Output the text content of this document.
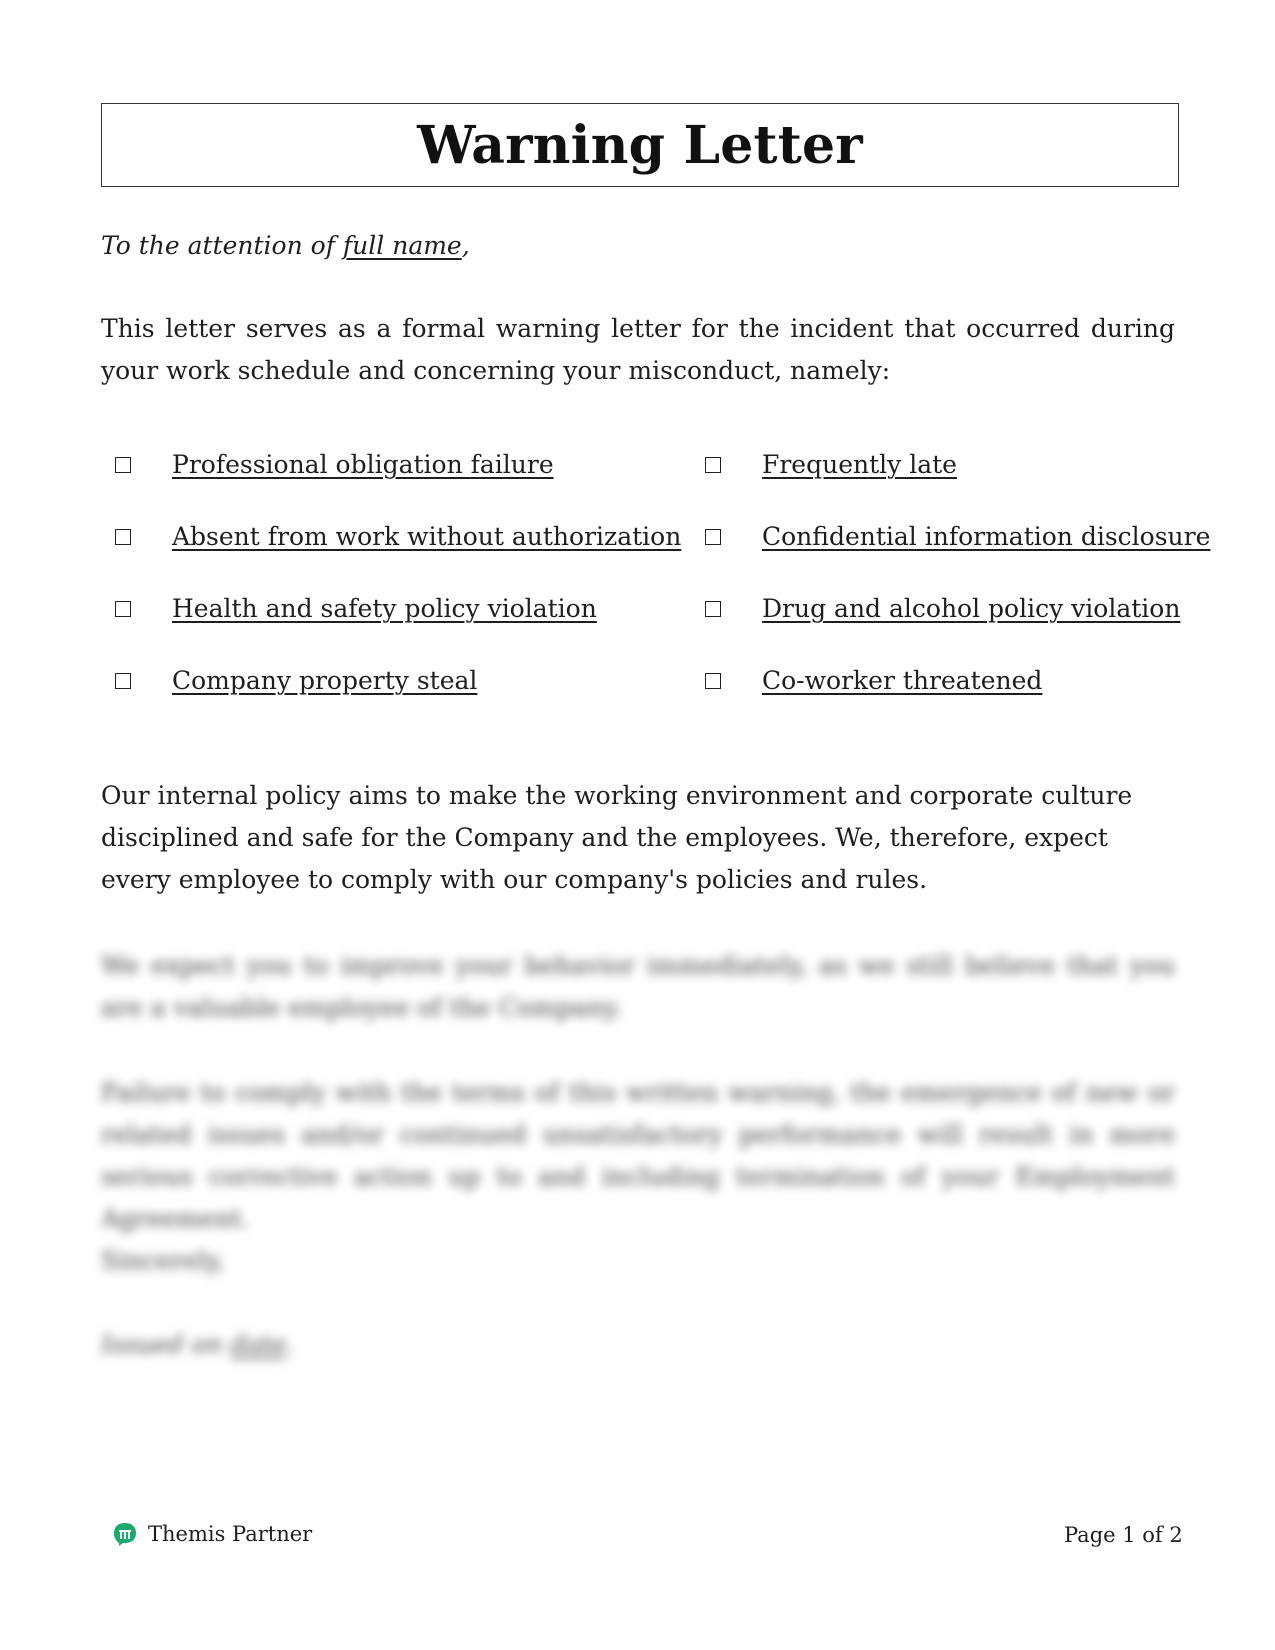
Warning Letter

To the attention of full name,

This letter serves as a formal warning letter for the incident that occurred during your work schedule and concerning your misconduct, namely:

Professional obligation failure
Absent from work without authorization
Health and safety policy violation
Company property steal
Frequently late
Confidential information disclosure
Drug and alcohol policy violation
Co-worker threatened

Our internal policy aims to make the working environment and corporate culture disciplined and safe for the Company and the employees. We, therefore, expect every employee to comply with our company's policies and rules.

We expect you to improve your behavior immediately, as we still believe that you are a valuable employee of the Company.

Failure to comply with the terms of this written warning, the emergence of new or related issues and/or continued unsatisfactory performance will result in more serious corrective action up to and including termination of your Employment Agreement.

Sincerely,

Issued on date.

Themis Partner	Page 1 of 2
